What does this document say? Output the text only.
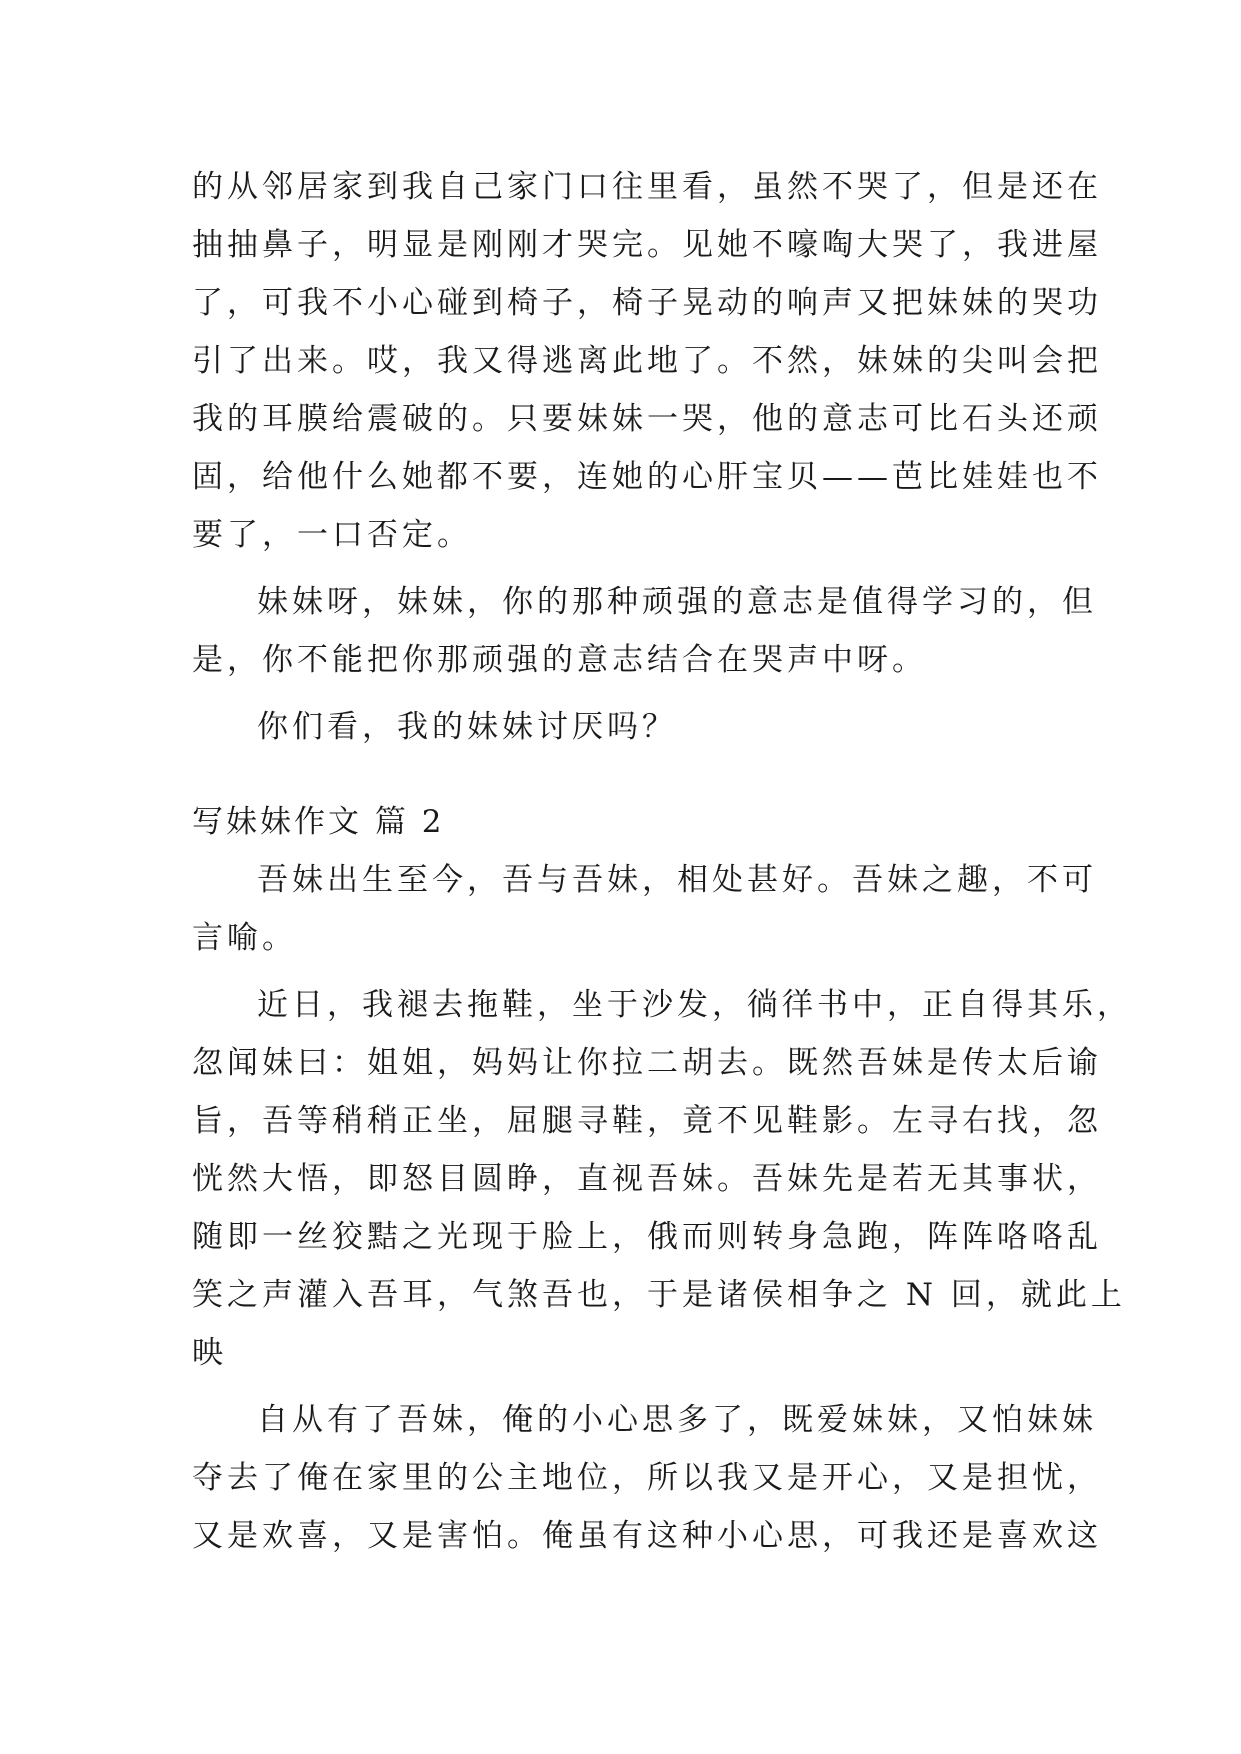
的从邻居家到我自己家门口往里看，虽然不哭了，但是还在
抽抽鼻子，明显是刚刚才哭完。见她不嚎啕大哭了，我进屋
了，可我不小心碰到椅子，椅子晃动的响声又把妹妹的哭功
引了出来。哎，我又得逃离此地了。不然，妹妹的尖叫会把
我的耳膜给震破的。只要妹妹一哭，他的意志可比石头还顽
固，给他什么她都不要，连她的心肝宝贝——芭比娃娃也不
要了，一口否定。
妹妹呀，妹妹，你的那种顽强的意志是值得学习的，但
是，你不能把你那顽强的意志结合在哭声中呀。
你们看，我的妹妹讨厌吗？
写妹妹作文 篇 2
吾妹出生至今，吾与吾妹，相处甚好。吾妹之趣，不可
言喻。
近日，我褪去拖鞋，坐于沙发，徜徉书中，正自得其乐，
忽闻妹曰：姐姐，妈妈让你拉二胡去。既然吾妹是传太后谕
旨，吾等稍稍正坐，屈腿寻鞋，竟不见鞋影。左寻右找，忽
恍然大悟，即怒目圆睁，直视吾妹。吾妹先是若无其事状，
随即一丝狡黠之光现于脸上，俄而则转身急跑，阵阵咯咯乱
笑之声灌入吾耳，气煞吾也，于是诸侯相争之 N 回，就此上
映
自从有了吾妹，俺的小心思多了，既爱妹妹，又怕妹妹
夺去了俺在家里的公主地位，所以我又是开心，又是担忧，
又是欢喜，又是害怕。俺虽有这种小心思，可我还是喜欢这
